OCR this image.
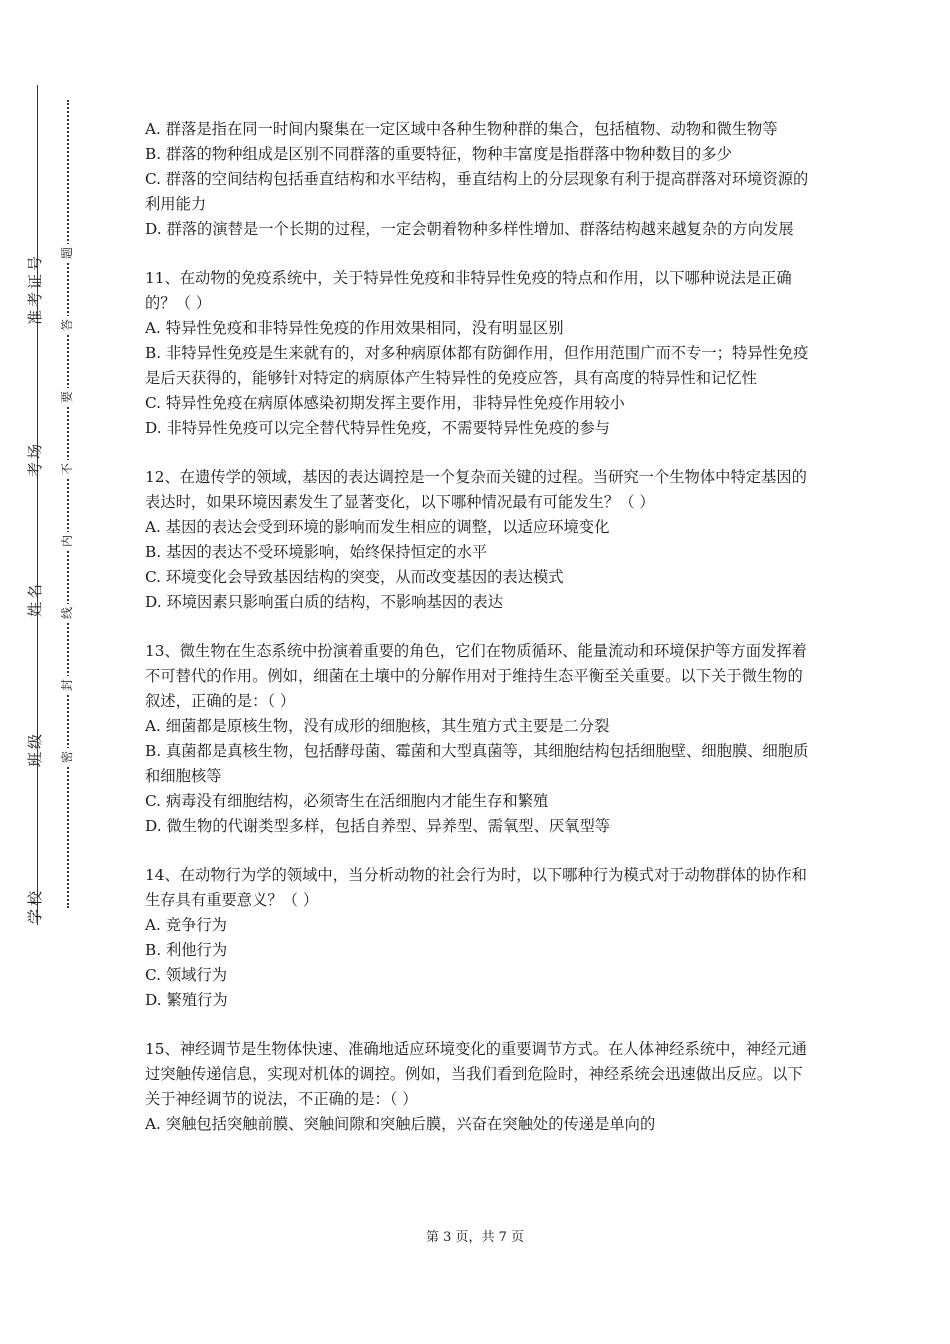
准考证号
考场
姓名
班级
学校
题
答
要
不
内
线
封
密

A. 群落是指在同一时间内聚集在一定区域中各种生物种群的集合，包括植物、动物和微生物等

B. 群落的物种组成是区别不同群落的重要特征，物种丰富度是指群落中物种数目的多少

C. 群落的空间结构包括垂直结构和水平结构，垂直结构上的分层现象有利于提高群落对环境资源的利用能力

D. 群落的演替是一个长期的过程，一定会朝着物种多样性增加、群落结构越来越复杂的方向发展

11、在动物的免疫系统中，关于特异性免疫和非特异性免疫的特点和作用，以下哪种说法是正确的？（ ）

A. 特异性免疫和非特异性免疫的作用效果相同，没有明显区别

B. 非特异性免疫是生来就有的，对多种病原体都有防御作用，但作用范围广而不专一；特异性免疫是后天获得的，能够针对特定的病原体产生特异性的免疫应答，具有高度的特异性和记忆性

C. 特异性免疫在病原体感染初期发挥主要作用，非特异性免疫作用较小

D. 非特异性免疫可以完全替代特异性免疫，不需要特异性免疫的参与

12、在遗传学的领域，基因的表达调控是一个复杂而关键的过程。当研究一个生物体中特定基因的表达时，如果环境因素发生了显著变化，以下哪种情况最有可能发生？（ ）

A. 基因的表达会受到环境的影响而发生相应的调整，以适应环境变化

B. 基因的表达不受环境影响，始终保持恒定的水平

C. 环境变化会导致基因结构的突变，从而改变基因的表达模式

D. 环境因素只影响蛋白质的结构，不影响基因的表达

13、微生物在生态系统中扮演着重要的角色，它们在物质循环、能量流动和环境保护等方面发挥着不可替代的作用。例如，细菌在土壤中的分解作用对于维持生态平衡至关重要。以下关于微生物的叙述，正确的是：（ ）

A. 细菌都是原核生物，没有成形的细胞核，其生殖方式主要是二分裂

B. 真菌都是真核生物，包括酵母菌、霉菌和大型真菌等，其细胞结构包括细胞壁、细胞膜、细胞质和细胞核等

C. 病毒没有细胞结构，必须寄生在活细胞内才能生存和繁殖

D. 微生物的代谢类型多样，包括自养型、异养型、需氧型、厌氧型等

14、在动物行为学的领域中，当分析动物的社会行为时，以下哪种行为模式对于动物群体的协作和生存具有重要意义？（ ）

A. 竞争行为

B. 利他行为

C. 领域行为

D. 繁殖行为

15、神经调节是生物体快速、准确地适应环境变化的重要调节方式。在人体神经系统中，神经元通过突触传递信息，实现对机体的调控。例如，当我们看到危险时，神经系统会迅速做出反应。以下关于神经调节的说法，不正确的是：（ ）

A. 突触包括突触前膜、突触间隙和突触后膜，兴奋在突触处的传递是单向的

第 3 页，共 7 页
